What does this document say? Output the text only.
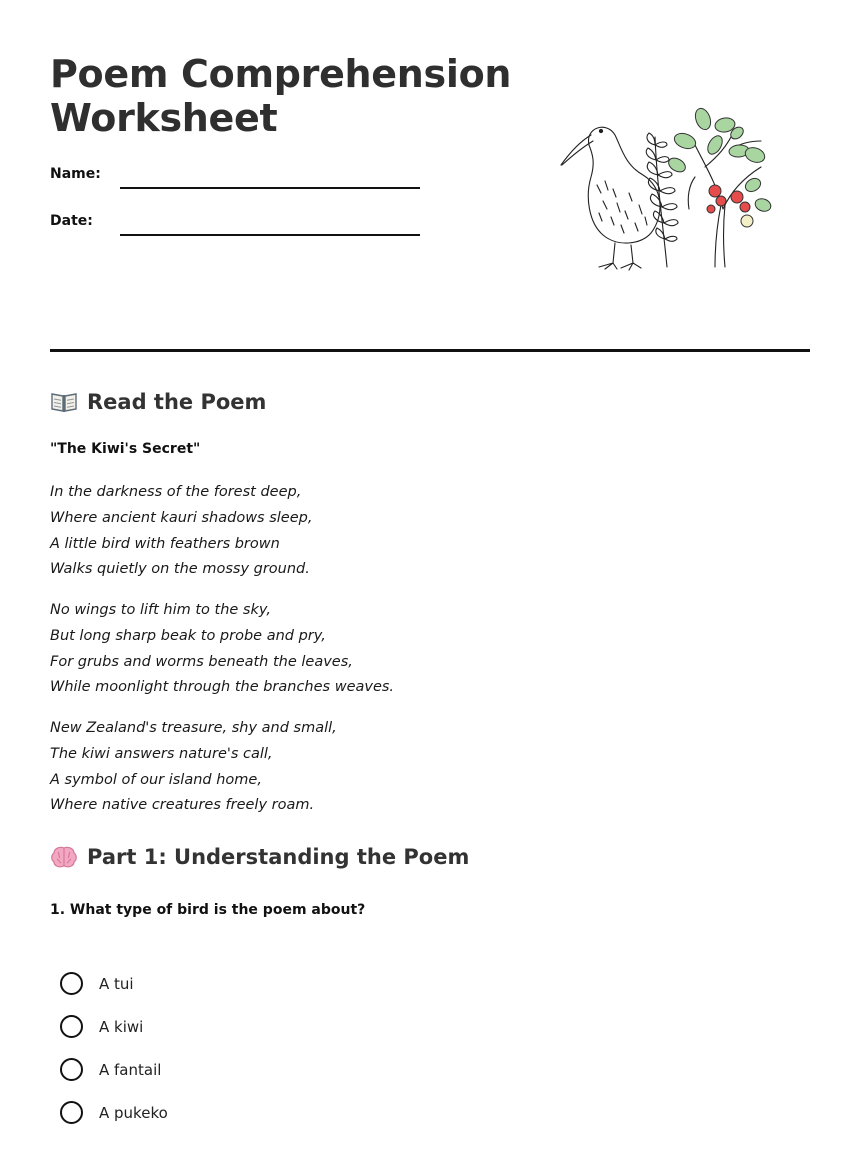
Poem Comprehension
Worksheet
Name:
Date:
Read the Poem
"The Kiwi's Secret"
In the darkness of the forest deep,
Where ancient kauri shadows sleep,
A little bird with feathers brown
Walks quietly on the mossy ground.
No wings to lift him to the sky,
But long sharp beak to probe and pry,
For grubs and worms beneath the leaves,
While moonlight through the branches weaves.
New Zealand's treasure, shy and small,
The kiwi answers nature's call,
A symbol of our island home,
Where native creatures freely roam.
Part 1: Understanding the Poem
1. What type of bird is the poem about?
A tui
A kiwi
A fantail
A pukeko
